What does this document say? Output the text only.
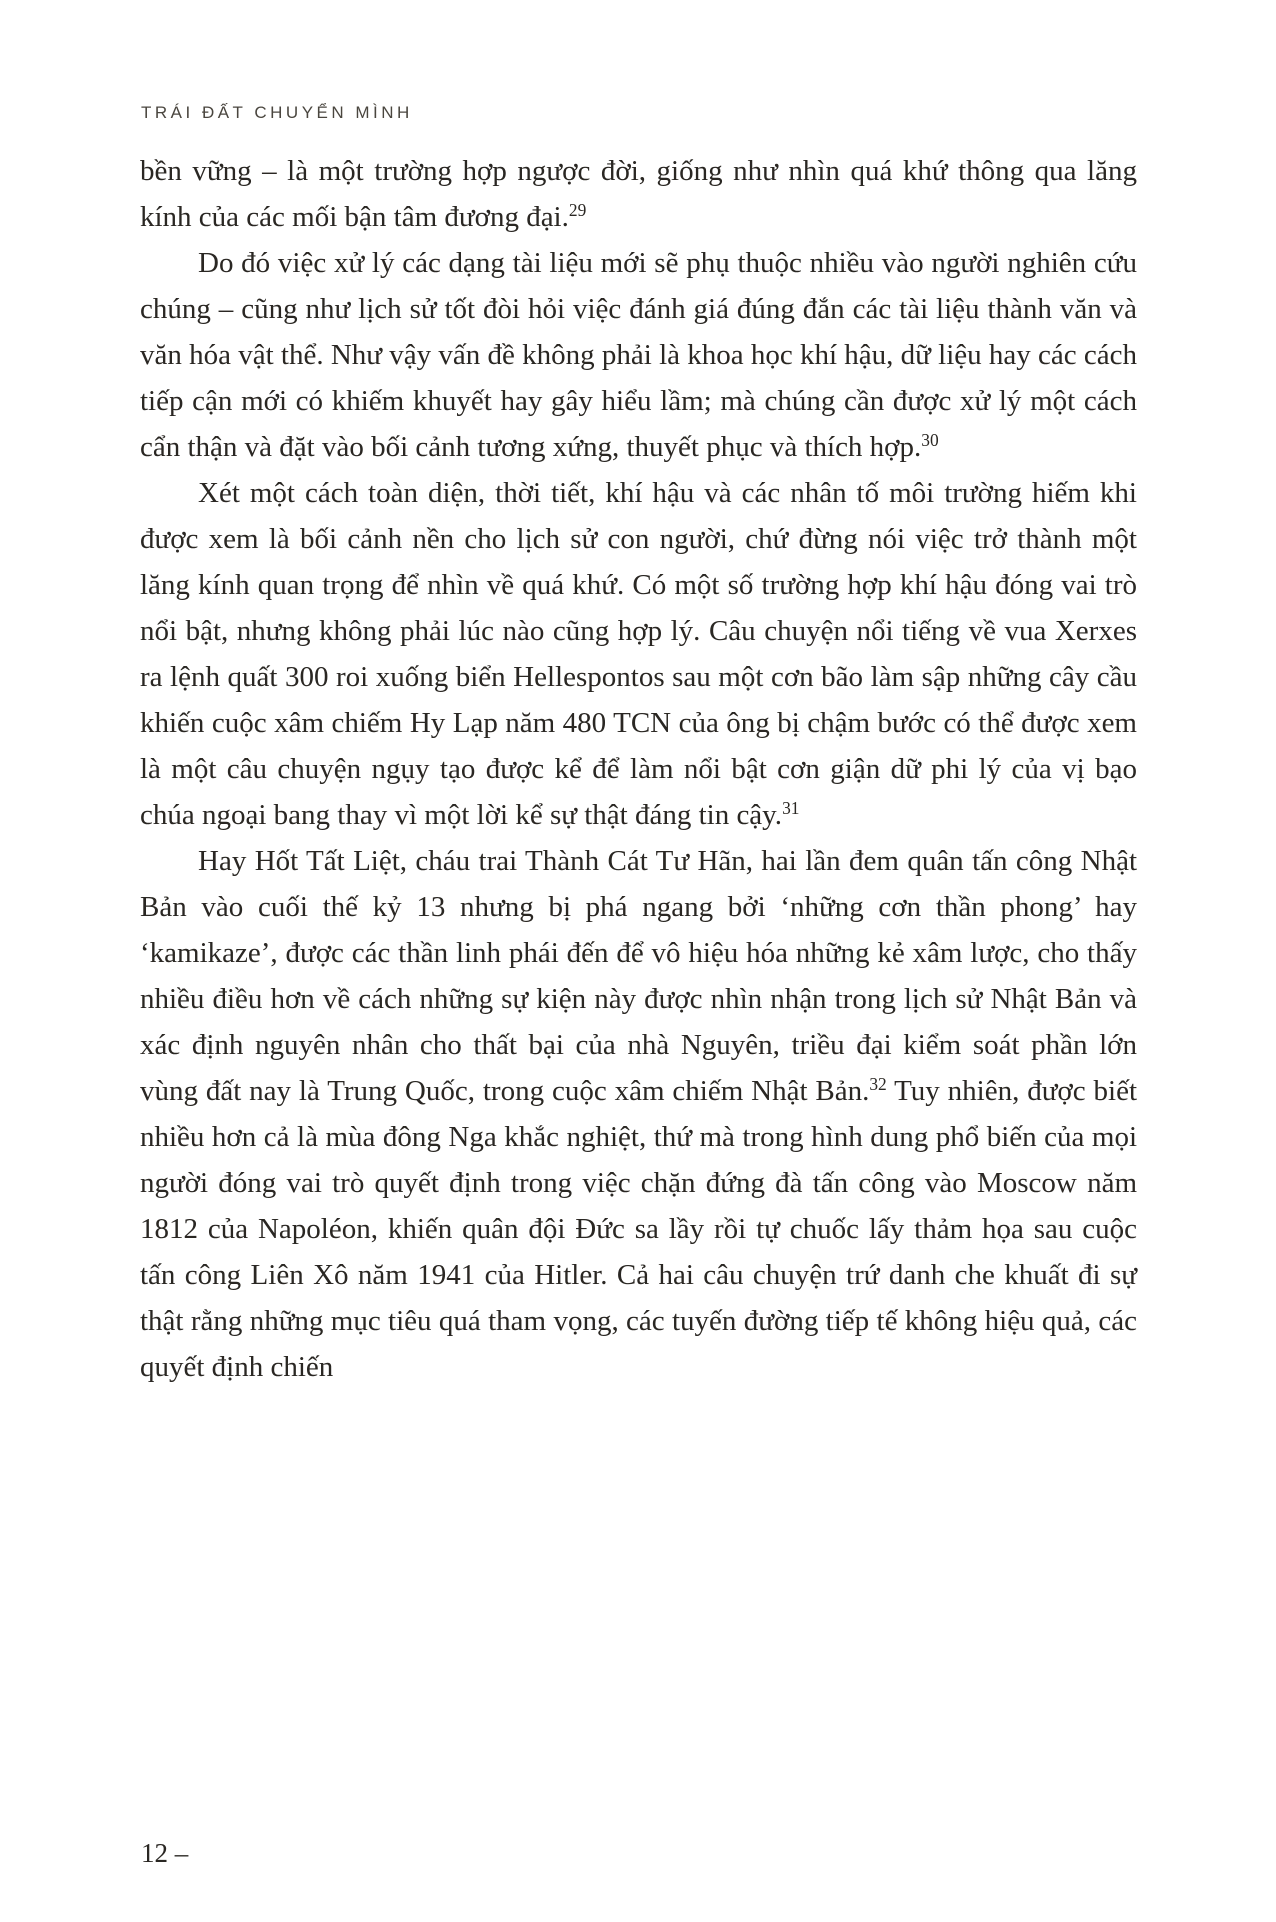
TRÁI ĐẤT CHUYỂN MÌNH

bền vững – là một trường hợp ngược đời, giống như nhìn quá khứ thông qua lăng kính của các mối bận tâm đương đại.$^{29}$

Do đó việc xử lý các dạng tài liệu mới sẽ phụ thuộc nhiều vào người nghiên cứu chúng – cũng như lịch sử tốt đòi hỏi việc đánh giá đúng đắn các tài liệu thành văn và văn hóa vật thể. Như vậy vấn đề không phải là khoa học khí hậu, dữ liệu hay các cách tiếp cận mới có khiếm khuyết hay gây hiểu lầm; mà chúng cần được xử lý một cách cẩn thận và đặt vào bối cảnh tương xứng, thuyết phục và thích hợp.$^{30}$

Xét một cách toàn diện, thời tiết, khí hậu và các nhân tố môi trường hiếm khi được xem là bối cảnh nền cho lịch sử con người, chứ đừng nói việc trở thành một lăng kính quan trọng để nhìn về quá khứ. Có một số trường hợp khí hậu đóng vai trò nổi bật, nhưng không phải lúc nào cũng hợp lý. Câu chuyện nổi tiếng về vua Xerxes ra lệnh quất 300 roi xuống biển Hellespontos sau một cơn bão làm sập những cây cầu khiến cuộc xâm chiếm Hy Lạp năm 480 TCN của ông bị chậm bước có thể được xem là một câu chuyện ngụy tạo được kể để làm nổi bật cơn giận dữ phi lý của vị bạo chúa ngoại bang thay vì một lời kể sự thật đáng tin cậy.$^{31}$

Hay Hốt Tất Liệt, cháu trai Thành Cát Tư Hãn, hai lần đem quân tấn công Nhật Bản vào cuối thế kỷ 13 nhưng bị phá ngang bởi ‘những cơn thần phong’ hay ‘kamikaze’, được các thần linh phái đến để vô hiệu hóa những kẻ xâm lược, cho thấy nhiều điều hơn về cách những sự kiện này được nhìn nhận trong lịch sử Nhật Bản và xác định nguyên nhân cho thất bại của nhà Nguyên, triều đại kiểm soát phần lớn vùng đất nay là Trung Quốc, trong cuộc xâm chiếm Nhật Bản.$^{32}$ Tuy nhiên, được biết nhiều hơn cả là mùa đông Nga khắc nghiệt, thứ mà trong hình dung phổ biến của mọi người đóng vai trò quyết định trong việc chặn đứng đà tấn công vào Moscow năm 1812 của Napoléon, khiến quân đội Đức sa lầy rồi tự chuốc lấy thảm họa sau cuộc tấn công Liên Xô năm 1941 của Hitler. Cả hai câu chuyện trứ danh che khuất đi sự thật rằng những mục tiêu quá tham vọng, các tuyến đường tiếp tế không hiệu quả, các quyết định chiến

12 –
